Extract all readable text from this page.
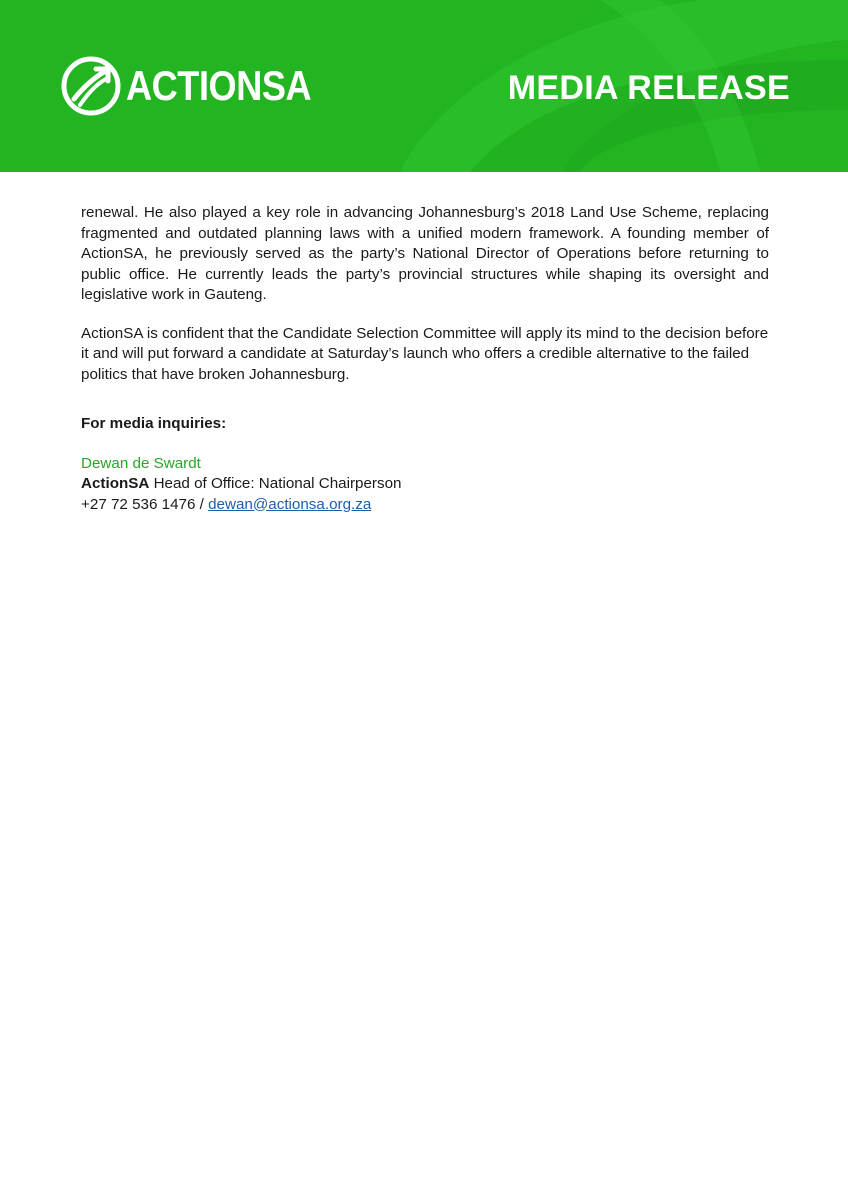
ACTIONSA	MEDIA RELEASE

renewal. He also played a key role in advancing Johannesburg’s 2018 Land Use Scheme, replacing fragmented and outdated planning laws with a unified modern framework. A founding member of ActionSA, he previously served as the party’s National Director of Operations before returning to public office. He currently leads the party’s provincial structures while shaping its oversight and legislative work in Gauteng.

ActionSA is confident that the Candidate Selection Committee will apply its mind to the decision before it and will put forward a candidate at Saturday’s launch who offers a credible alternative to the failed politics that have broken Johannesburg.

For media inquiries:
Dewan de Swardt
ActionSA Head of Office: National Chairperson
+27 72 536 1476 / dewan@actionsa.org.za
